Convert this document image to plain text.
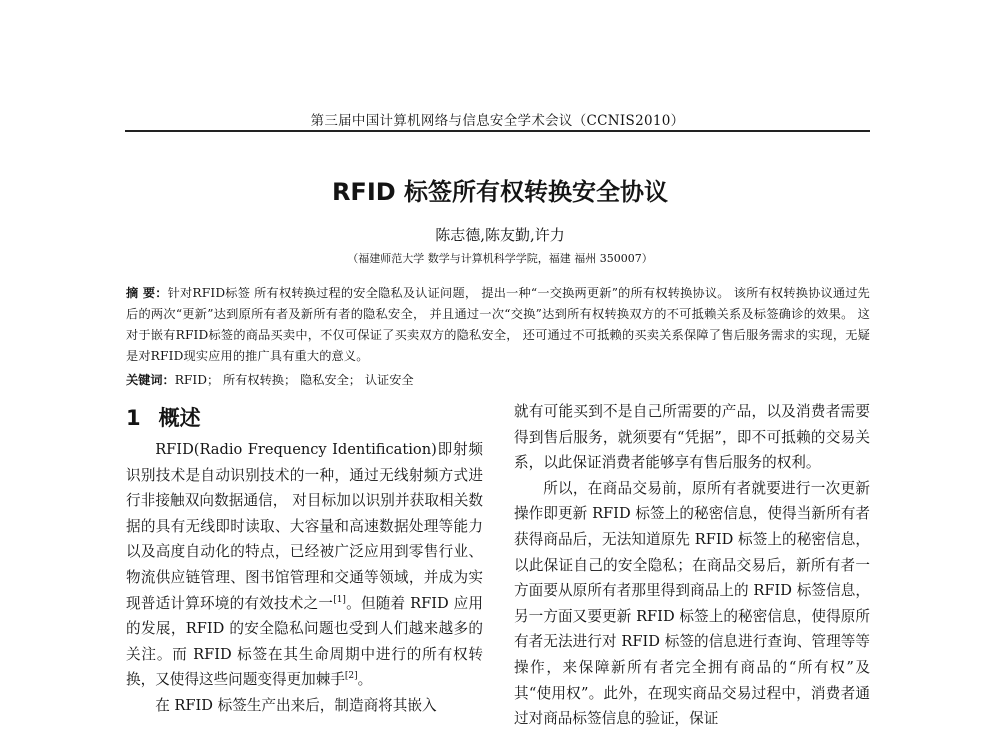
第三届中国计算机网络与信息安全学术会议（CCNIS2010）
RFID 标签所有权转换安全协议
陈志德,陈友勤,许力
（福建师范大学 数学与计算机科学学院，福建 福州 350007）
摘 要：针对RFID标签 所有权转换过程的安全隐私及认证问题， 提出一种“一交换两更新”的所有权转换协议。 该所有权转换协议通过先后的两次“更新”达到原所有者及新所有者的隐私安全， 并且通过一次“交换”达到所有权转换双方的不可抵赖关系及标签确诊的效果。 这对于嵌有RFID标签的商品买卖中，不仅可保证了买卖双方的隐私安全， 还可通过不可抵赖的买卖关系保障了售后服务需求的实现，无疑是对RFID现实应用的推广具有重大的意义。
关键词：RFID； 所有权转换； 隐私安全； 认证安全
1 概述

RFID(Radio Frequency Identification)即射频识别技术是自动识别技术的一种，通过无线射频方式进行非接触双向数据通信， 对目标加以识别并获取相关数据的具有无线即时读取、大容量和高速数据处理等能力以及高度自动化的特点，已经被广泛应用到零售行业、物流供应链管理、图书馆管理和交通等领域，并成为实现普适计算环境的有效技术之一[1]。但随着 RFID 应用的发展，RFID 的安全隐私问题也受到人们越来越多的关注。而 RFID 标签在其生命周期中进行的所有权转换，又使得这些问题变得更加棘手[2]。

在 RFID 标签生产出来后，制造商将其嵌入

就有可能买到不是自己所需要的产品，以及消费者需要得到售后服务，就须要有“凭据”，即不可抵赖的交易关系，以此保证消费者能够享有售后服务的权利。

所以，在商品交易前，原所有者就要进行一次更新操作即更新 RFID 标签上的秘密信息，使得当新所有者获得商品后，无法知道原先 RFID 标签上的秘密信息，以此保证自己的安全隐私；在商品交易后，新所有者一方面要从原所有者那里得到商品上的 RFID 标签信息，另一方面又要更新 RFID 标签上的秘密信息，使得原所有者无法进行对 RFID 标签的信息进行查询、管理等等操作，来保障新所有者完全拥有商品的“所有权”及其“使用权”。此外，在现实商品交易过程中，消费者通过对商品标签信息的验证，保证
